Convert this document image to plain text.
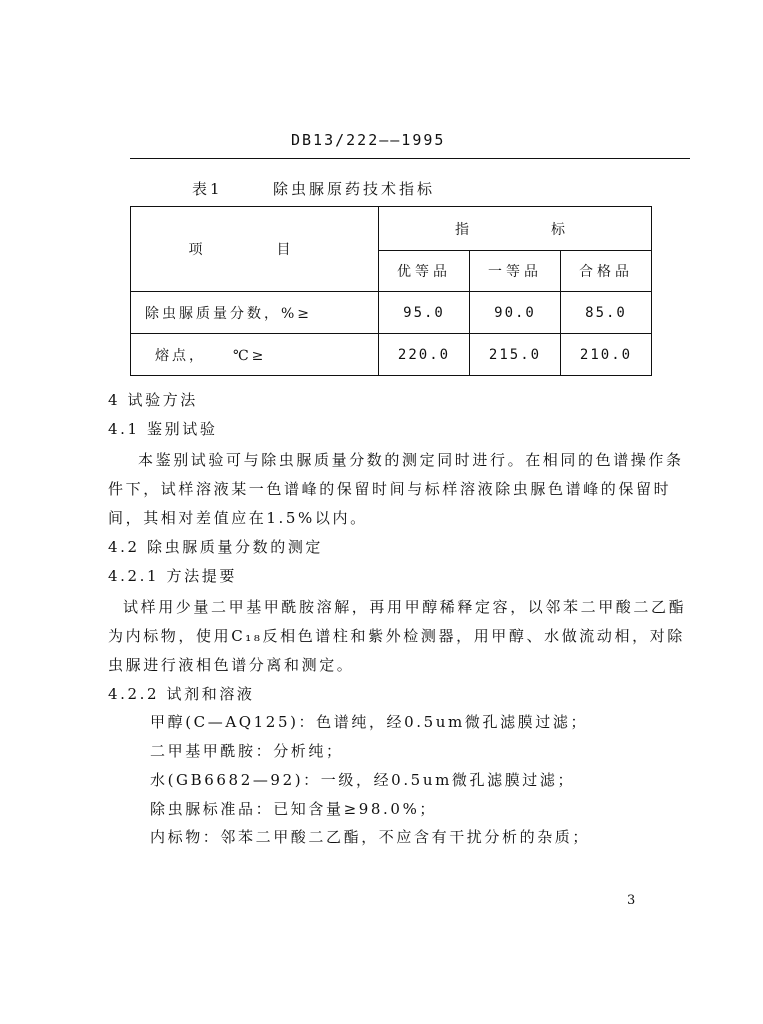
DB13/222——1995
表1	除虫脲原药技术指标
项　目	指　　　标		
	优等品	一等品	合格品
除虫脲质量分数，%≥	95.0	90.0	85.0
熔点，　　℃≥	220.0	215.0	210.0
4 试验方法
4.1 鉴别试验
本鉴别试验可与除虫脲质量分数的测定同时进行。在相同的色谱操作条件下，试样溶液某一色谱峰的保留时间与标样溶液除虫脲色谱峰的保留时间，其相对差值应在1.5%以内。
4.2 除虫脲质量分数的测定
4.2.1 方法提要
试样用少量二甲基甲酰胺溶解，再用甲醇稀释定容，以邻苯二甲酸二乙酯为内标物，使用C₁₈反相色谱柱和紫外检测器，用甲醇、水做流动相，对除虫脲进行液相色谱分离和测定。
4.2.2 试剂和溶液
甲醇(C—AQ125)：色谱纯，经0.5um微孔滤膜过滤；
二甲基甲酰胺：分析纯；
水(GB6682—92)：一级，经0.5um微孔滤膜过滤；
除虫脲标准品：已知含量≥98.0%；
内标物：邻苯二甲酸二乙酯，不应含有干扰分析的杂质；
3
